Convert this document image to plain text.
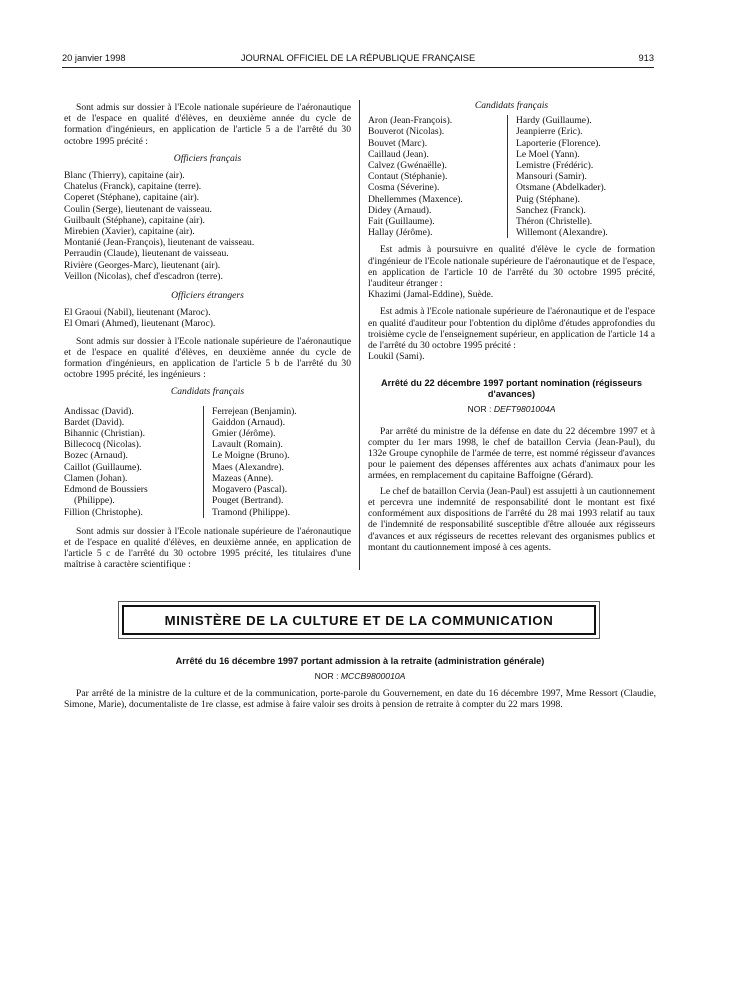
20 janvier 1998	JOURNAL OFFICIEL DE LA RÉPUBLIQUE FRANÇAISE	913

Sont admis sur dossier à l'Ecole nationale supérieure de l'aéronautique et de l'espace en qualité d'élèves, en deuxième année du cycle de formation d'ingénieurs, en application de l'article 5 a de l'arrêté du 30 octobre 1995 précité :

Officiers français
Blanc (Thierry), capitaine (air).
Chatelus (Franck), capitaine (terre).
Coperet (Stéphane), capitaine (air).
Coulin (Serge), lieutenant de vaisseau.
Guilbault (Stéphane), capitaine (air).
Mirebien (Xavier), capitaine (air).
Montanié (Jean-François), lieutenant de vaisseau.
Perraudin (Claude), lieutenant de vaisseau.
Rivière (Georges-Marc), lieutenant (air).
Veillon (Nicolas), chef d'escadron (terre).
Officiers étrangers
El Graoui (Nabil), lieutenant (Maroc).
El Omari (Ahmed), lieutenant (Maroc).

Sont admis sur dossier à l'Ecole nationale supérieure de l'aéronautique et de l'espace en qualité d'élèves, en deuxième année du cycle de formation d'ingénieurs, en application de l'article 5 b de l'arrêté du 30 octobre 1995 précité, les ingénieurs :

Candidats français
Andissac (David).
Bardet (David).
Bihannic (Christian).
Billecocq (Nicolas).
Bozec (Arnaud).
Caillot (Guillaume).
Clamen (Johan).
Edmond de Boussiers
(Philippe).
Fillion (Christophe).
Ferrejean (Benjamin).
Gaiddon (Arnaud).
Gmier (Jérôme).
Lavault (Romain).
Le Moigne (Bruno).
Maes (Alexandre).
Mazeas (Anne).
Mogavero (Pascal).
Pouget (Bertrand).
Tramond (Philippe).

Sont admis sur dossier à l'Ecole nationale supérieure de l'aéronautique et de l'espace en qualité d'élèves, en deuxième année, en application de l'article 5 c de l'arrêté du 30 octobre 1995 précité, les titulaires d'une maîtrise à caractère scientifique :

Candidats français
Aron (Jean-François).
Bouverot (Nicolas).
Bouvet (Marc).
Caillaud (Jean).
Calvez (Gwénaëlle).
Contaut (Stéphanie).
Cosma (Séverine).
Dhellemmes (Maxence).
Didey (Arnaud).
Fait (Guillaume).
Hallay (Jérôme).
Hardy (Guillaume).
Jeanpierre (Eric).
Laporterie (Florence).
Le Moel (Yann).
Lemistre (Frédéric).
Mansouri (Samir).
Otsmane (Abdelkader).
Puig (Stéphane).
Sanchez (Franck).
Théron (Christelle).
Willemont (Alexandre).

Est admis à poursuivre en qualité d'élève le cycle de formation d'ingénieur de l'Ecole nationale supérieure de l'aéronautique et de l'espace, en application de l'article 10 de l'arrêté du 30 octobre 1995 précité, l'auditeur étranger :

Khazimi (Jamal-Eddine), Suède.

Est admis à l'Ecole nationale supérieure de l'aéronautique et de l'espace en qualité d'auditeur pour l'obtention du diplôme d'études approfondies du troisième cycle de l'enseignement supérieur, en application de l'article 14 a de l'arrêté du 30 octobre 1995 précité :

Loukil (Sami).

Arrêté du 22 décembre 1997 portant nomination (régisseurs d'avances)
NOR : DEFT9801004A

Par arrêté du ministre de la défense en date du 22 décembre 1997 et à compter du 1er mars 1998, le chef de bataillon Cervia (Jean-Paul), du 132e Groupe cynophile de l'armée de terre, est nommé régisseur d'avances pour le paiement des dépenses afférentes aux achats d'animaux pour les armées, en remplacement du capitaine Baffoigne (Gérard).

Le chef de bataillon Cervia (Jean-Paul) est assujetti à un cautionnement et percevra une indemnité de responsabilité dont le montant est fixé conformément aux dispositions de l'arrêté du 28 mai 1993 relatif au taux de l'indemnité de responsabilité susceptible d'être allouée aux régisseurs d'avances et aux régisseurs de recettes relevant des organismes publics et montant du cautionnement imposé à ces agents.

MINISTÈRE DE LA CULTURE ET DE LA COMMUNICATION
Arrêté du 16 décembre 1997 portant admission à la retraite (administration générale)
NOR : MCCB9800010A
Par arrêté de la ministre de la culture et de la communication, porte-parole du Gouvernement, en date du 16 décembre 1997, Mme Ressort (Claudie, Simone, Marie), documentaliste de 1re classe, est admise à faire valoir ses droits à pension de retraite à compter du 22 mars 1998.
